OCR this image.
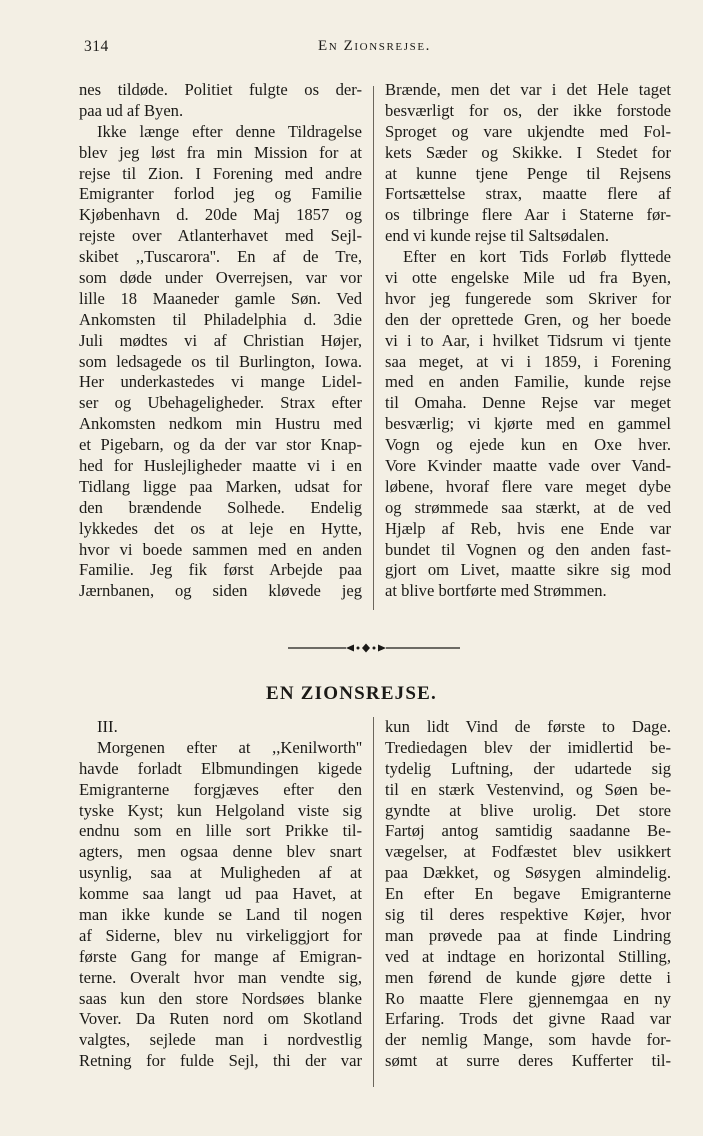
314	En Zionsrejse.
nes tildøde. Politiet fulgte os der-
paa ud af Byen.
Ikke længe efter denne Tildragelse
blev jeg løst fra min Mission for at
rejse til Zion. I Forening med andre
Emigranter forlod jeg og Familie
Kjøbenhavn d. 20de Maj 1857 og
rejste over Atlanterhavet med Sejl-
skibet ,,Tuscarora''. En af de Tre,
som døde under Overrejsen, var vor
lille 18 Maaneder gamle Søn. Ved
Ankomsten til Philadelphia d. 3die
Juli mødtes vi af Christian Højer,
som ledsagede os til Burlington, Iowa.
Her underkastedes vi mange Lidel-
ser og Ubehageligheder. Strax efter
Ankomsten nedkom min Hustru med
et Pigebarn, og da der var stor Knap-
hed for Huslejligheder maatte vi i en
Tidlang ligge paa Marken, udsat for
den brændende Solhede. Endelig
lykkedes det os at leje en Hytte,
hvor vi boede sammen med en anden
Familie. Jeg fik først Arbejde paa
Jærnbanen, og siden kløvede jeg
Brænde, men det var i det Hele taget
besværligt for os, der ikke forstode
Sproget og vare ukjendte med Fol-
kets Sæder og Skikke. I Stedet for
at kunne tjene Penge til Rejsens
Fortsættelse strax, maatte flere af
os tilbringe flere Aar i Staterne før-
end vi kunde rejse til Saltsødalen.
Efter en kort Tids Forløb flyttede
vi otte engelske Mile ud fra Byen,
hvor jeg fungerede som Skriver for
den der oprettede Gren, og her boede
vi i to Aar, i hvilket Tidsrum vi tjente
saa meget, at vi i 1859, i Forening
med en anden Familie, kunde rejse
til Omaha. Denne Rejse var meget
besværlig; vi kjørte med en gammel
Vogn og ejede kun en Oxe hver.
Vore Kvinder maatte vade over Vand-
løbene, hvoraf flere vare meget dybe
og strømmede saa stærkt, at de ved
Hjælp af Reb, hvis ene Ende var
bundet til Vognen og den anden fast-
gjort om Livet, maatte sikre sig mod
at blive bortførte med Strømmen.
EN ZIONSREJSE.
III.
Morgenen efter at ,,Kenilworth''
havde forladt Elbmundingen kigede
Emigranterne forgjæves efter den
tyske Kyst; kun Helgoland viste sig
endnu som en lille sort Prikke til-
agters, men ogsaa denne blev snart
usynlig, saa at Muligheden af at
komme saa langt ud paa Havet, at
man ikke kunde se Land til nogen
af Siderne, blev nu virkeliggjort for
første Gang for mange af Emigran-
terne. Overalt hvor man vendte sig,
saas kun den store Nordsøes blanke
Vover. Da Ruten nord om Skotland
valgtes, sejlede man i nordvestlig
Retning for fulde Sejl, thi der var
kun lidt Vind de første to Dage.
Trediedagen blev der imidlertid be-
tydelig Luftning, der udartede sig
til en stærk Vestenvind, og Søen be-
gyndte at blive urolig. Det store
Fartøj antog samtidig saadanne Be-
vægelser, at Fodfæstet blev usikkert
paa Dækket, og Søsygen almindelig.
En efter En begave Emigranterne
sig til deres respektive Køjer, hvor
man prøvede paa at finde Lindring
ved at indtage en horizontal Stilling,
men førend de kunde gjøre dette i
Ro maatte Flere gjennemgaa en ny
Erfaring. Trods det givne Raad var
der nemlig Mange, som havde for-
sømt at surre deres Kufferter til-
